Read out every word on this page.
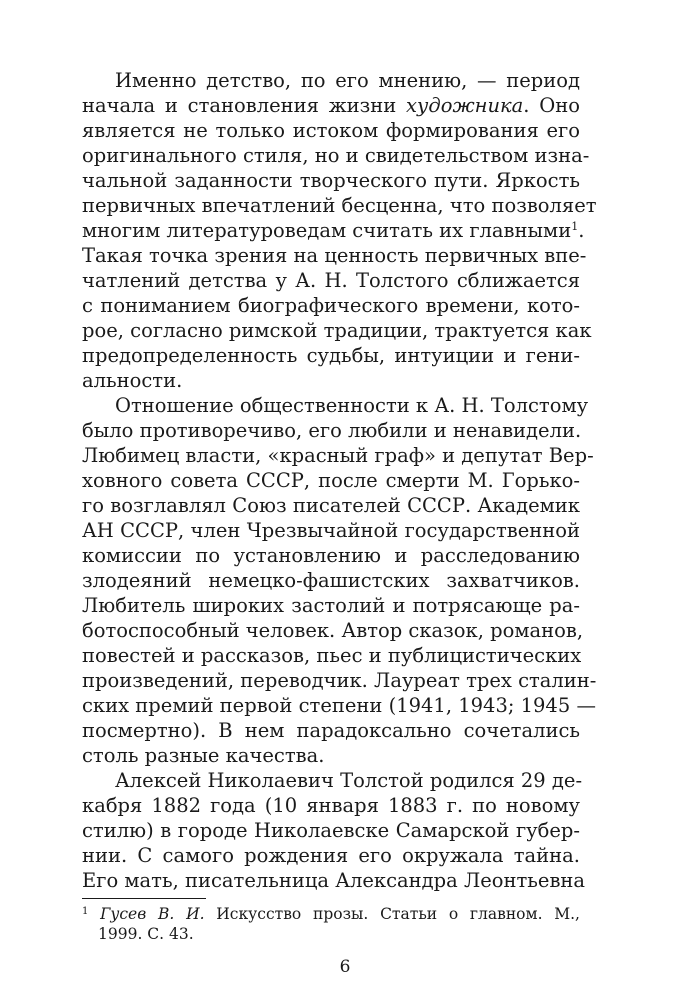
Именно детство, по его мнению, — период

начала и становления жизни художника. Оно

является не только истоком формирования его

оригинального стиля, но и свидетельством изна-

чальной заданности творческого пути. Яркость

первичных впечатлений бесценна, что позволяет

многим литературоведам считать их главными$^1$.

Такая точка зрения на ценность первичных впе-

чатлений детства у А. Н. Толстого сближается

с пониманием биографического времени, кото-

рое, согласно римской традиции, трактуется как

предопределенность судьбы, интуиции и гени-

альности.

Отношение общественности к А. Н. Толстому

было противоречиво, его любили и ненавидели.

Любимец власти, «красный граф» и депутат Вер-

ховного совета СССР, после смерти М. Горько-

го возглавлял Союз писателей СССР. Академик

АН СССР, член Чрезвычайной государственной

комиссии по установлению и расследованию

злодеяний немецко-фашистских захватчиков.

Любитель широких застолий и потрясающе ра-

ботоспособный человек. Автор сказок, романов,

повестей и рассказов, пьес и публицистических

произведений, переводчик. Лауреат трех сталин-

ских премий первой степени (1941, 1943; 1945 —

посмертно). В нем парадоксально сочетались

столь разные качества.

Алексей Николаевич Толстой родился 29 де-

кабря 1882 года (10 января 1883 г. по новому

стилю) в городе Николаевске Самарской губер-

нии. С самого рождения его окружала тайна.

Его мать, писательница Александра Леонтьевна

$^1$ Гусев В. И. Искусство прозы. Статьи о главном. М.,

1999. С. 43.

6
